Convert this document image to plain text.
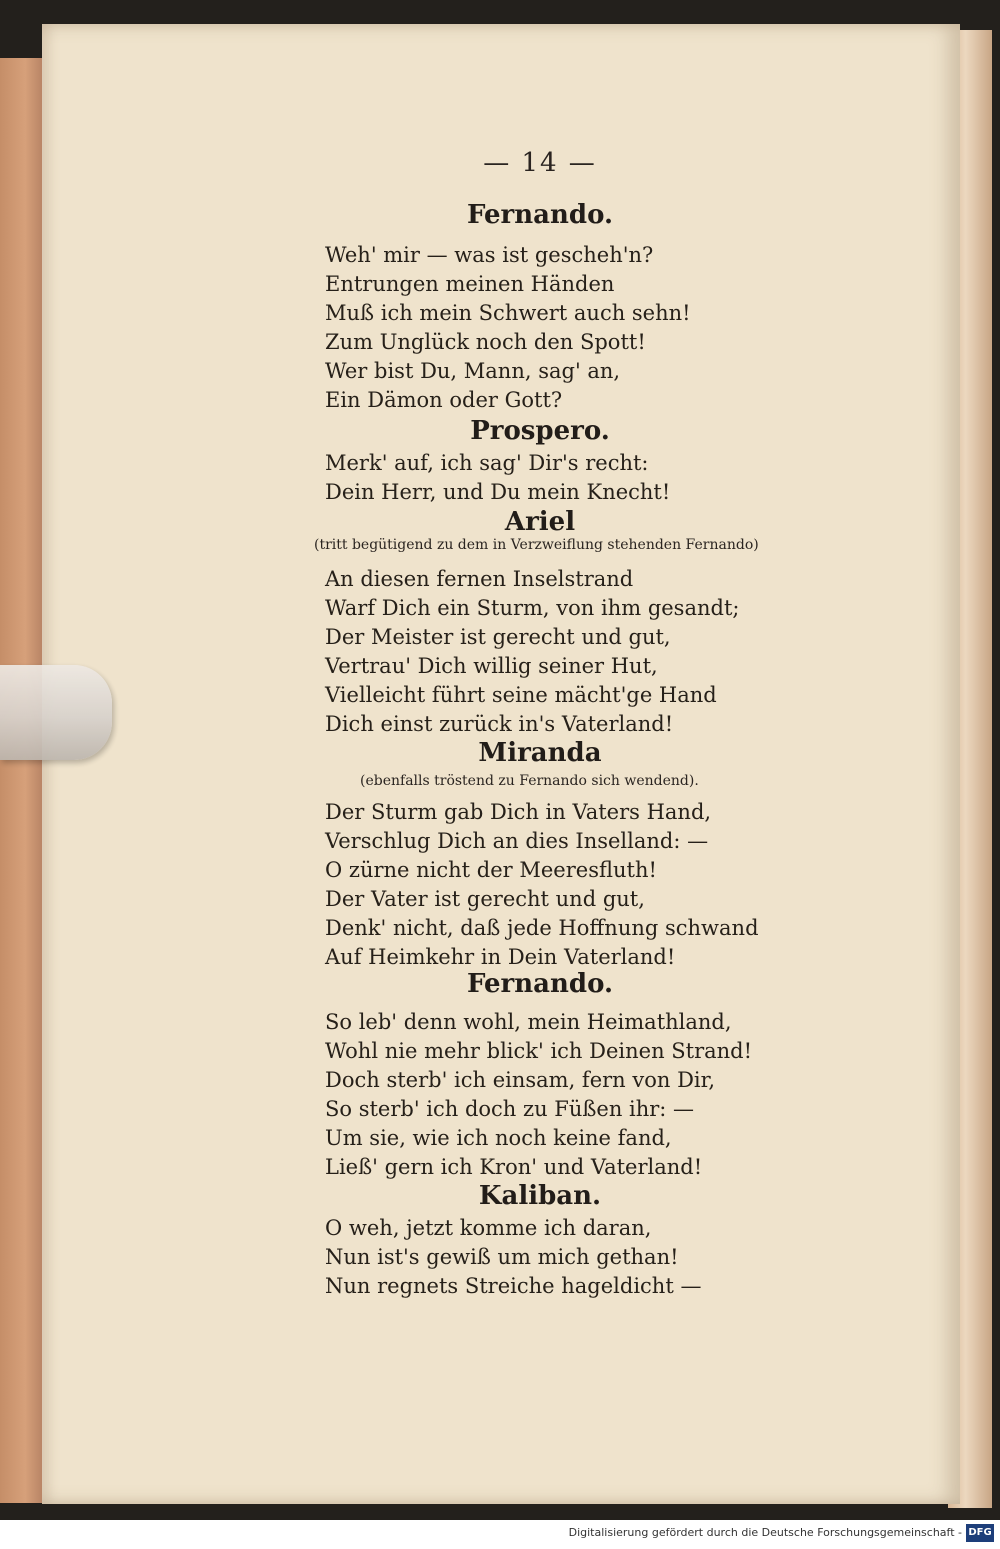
— 14 —
Fernando.
Weh' mir — was ist gescheh'n?
Entrungen meinen Händen
Muß ich mein Schwert auch sehn!
Zum Unglück noch den Spott!
Wer bist Du, Mann, sag' an,
Ein Dämon oder Gott?
Prospero.
Merk' auf, ich sag' Dir's recht:
Dein Herr, und Du mein Knecht!
Ariel
(tritt begütigend zu dem in Verzweiflung stehenden Fernando)
An diesen fernen Inselstrand
Warf Dich ein Sturm, von ihm gesandt;
Der Meister ist gerecht und gut,
Vertrau' Dich willig seiner Hut,
Vielleicht führt seine mächt'ge Hand
Dich einst zurück in's Vaterland!
Miranda
(ebenfalls tröstend zu Fernando sich wendend).
Der Sturm gab Dich in Vaters Hand,
Verschlug Dich an dies Inselland: —
O zürne nicht der Meeresfluth!
Der Vater ist gerecht und gut,
Denk' nicht, daß jede Hoffnung schwand
Auf Heimkehr in Dein Vaterland!
Fernando.
So leb' denn wohl, mein Heimathland,
Wohl nie mehr blick' ich Deinen Strand!
Doch sterb' ich einsam, fern von Dir,
So sterb' ich doch zu Füßen ihr: —
Um sie, wie ich noch keine fand,
Ließ' gern ich Kron' und Vaterland!
Kaliban.
O weh, jetzt komme ich daran,
Nun ist's gewiß um mich gethan!
Nun regnets Streiche hageldicht —
Digitalisierung gefördert durch die Deutsche Forschungsgemeinschaft - DFG
